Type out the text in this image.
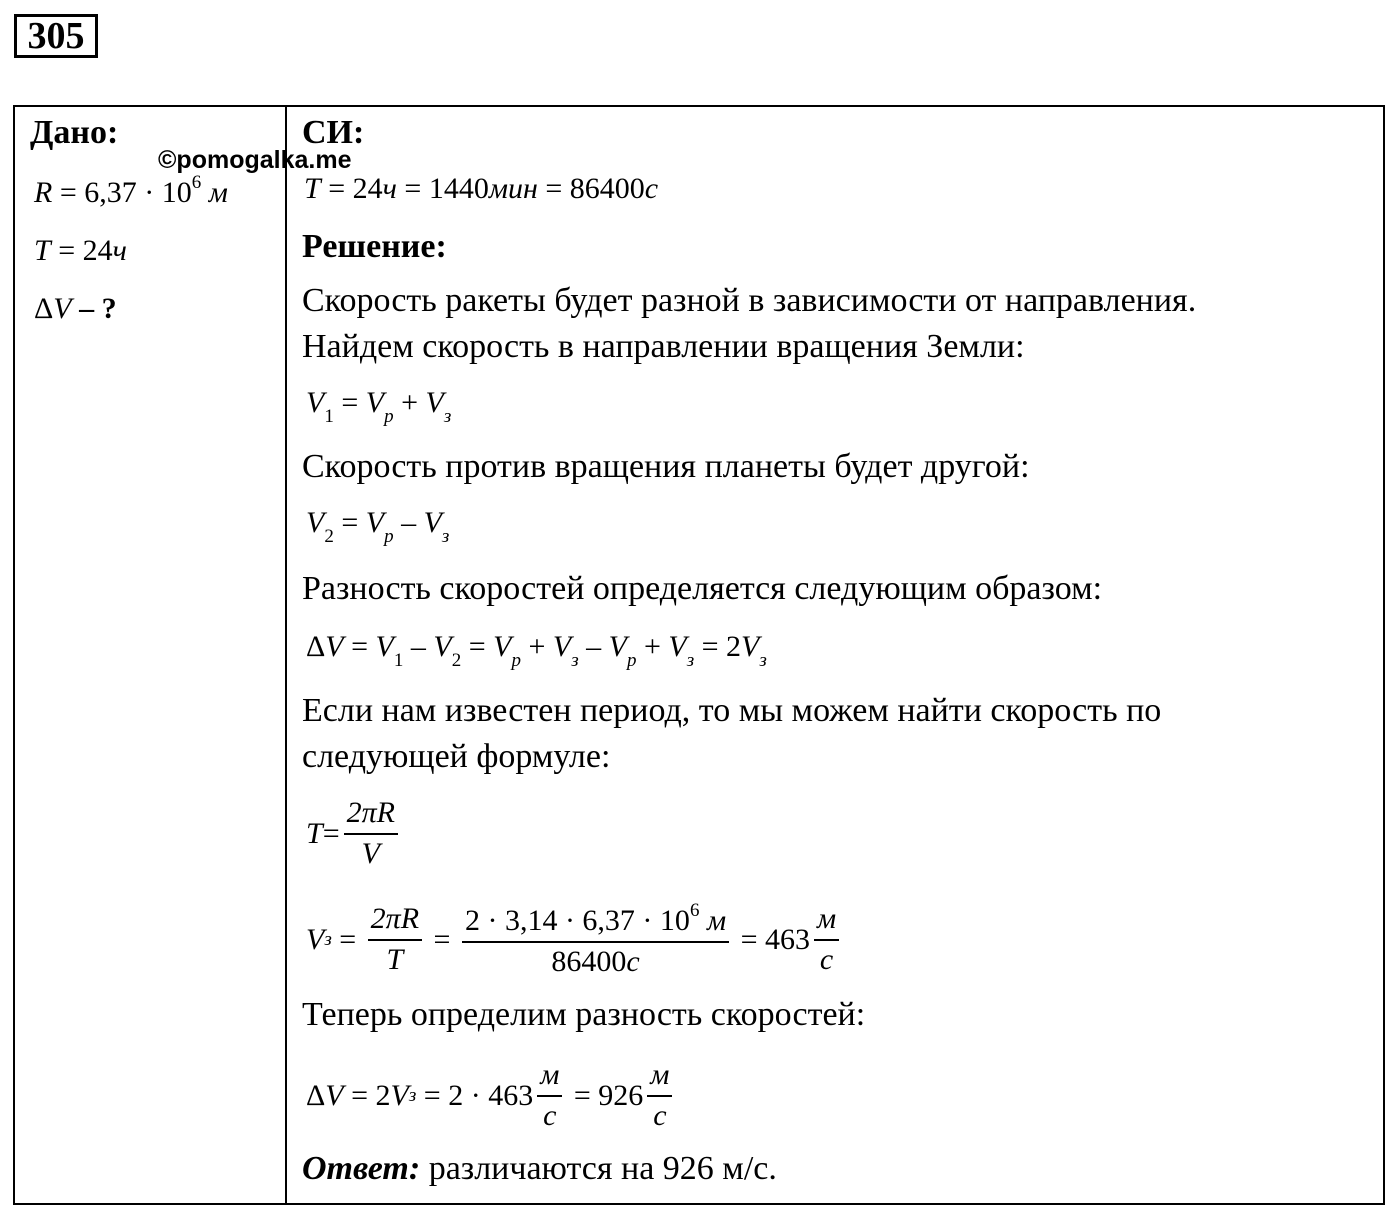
305
Дано:
©pomogalka.me
$R = 6,37 \cdot 10^6$ м
T = 24ч
ΔV – ?
СИ:
T = 24ч = 1440мин = 86400с
Решение:
Скорость ракеты будет разной в зависимости от направления.
Найдем скорость в направлении вращения Земли:
$V_1 = V_р + V_з$
Скорость против вращения планеты будет другой:
$V_2 = V_р - V_з$
Разность скоростей определяется следующим образом:
$\Delta V = V_1 - V_2 = V_р + V_з - V_р + V_з = 2V_з$
Если нам известен период, то мы можем найти скорость по
следующей формуле:
$T = \frac{2\pi R}{V}$
V $з = \frac{2\pi R}{T} = \frac{2 \cdot 3,14 \cdot 6,37 \cdot 10^6 м}{86400с} = 463 \frac{м}{с}$
Теперь определим разность скоростей:
Δ V = 2 V $з = 2 \cdot 463 \frac{м}{с} = 926 \frac{м}{с}$
Ответ: различаются на 926 м/с.
